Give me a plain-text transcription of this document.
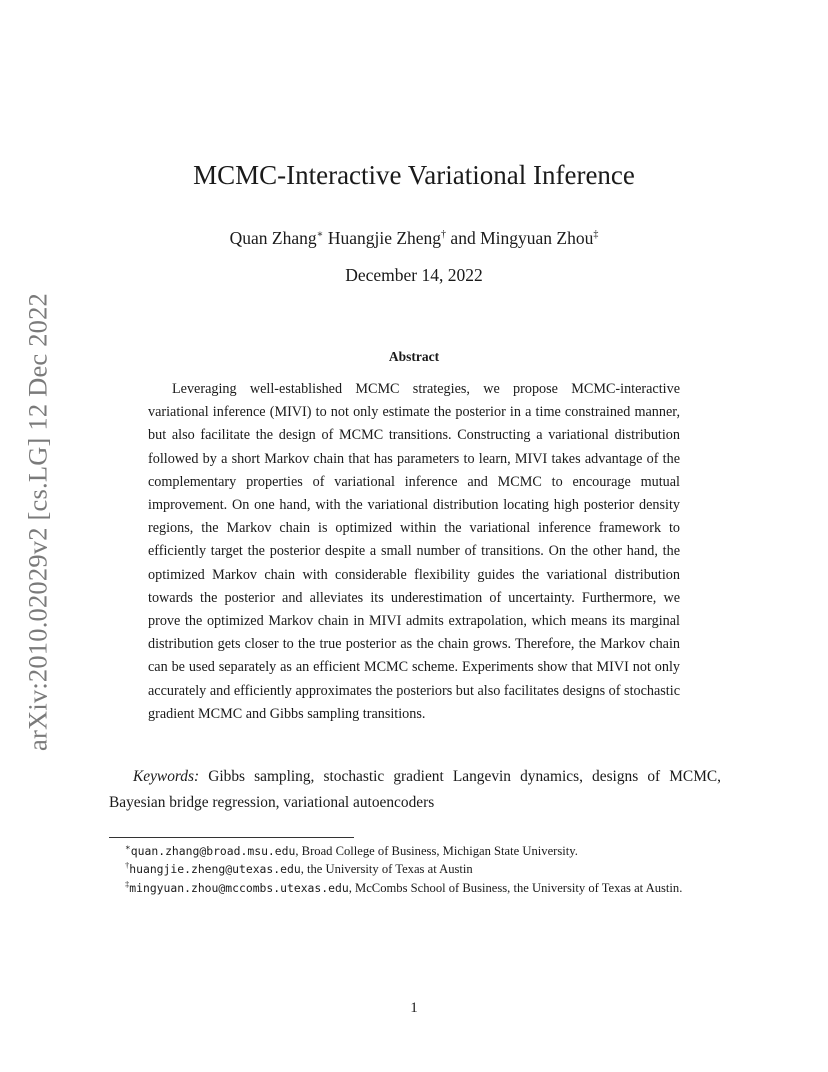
arXiv:2010.02029v2 [cs.LG] 12 Dec 2022
MCMC-Interactive Variational Inference
Quan Zhang∗ Huangjie Zheng† and Mingyuan Zhou‡
December 14, 2022
Abstract

Leveraging well-established MCMC strategies, we propose MCMC-interactive variational inference (MIVI) to not only estimate the posterior in a time constrained manner, but also facilitate the design of MCMC transitions. Constructing a variational distribution followed by a short Markov chain that has parameters to learn, MIVI takes advantage of the complementary properties of variational inference and MCMC to encourage mutual improvement. On one hand, with the variational distribution locating high posterior density regions, the Markov chain is optimized within the variational inference framework to efficiently target the posterior despite a small number of transitions. On the other hand, the optimized Markov chain with considerable flexibility guides the variational distribution towards the posterior and alleviates its underestimation of uncertainty. Furthermore, we prove the optimized Markov chain in MIVI admits extrapolation, which means its marginal distribution gets closer to the true posterior as the chain grows. Therefore, the Markov chain can be used separately as an efficient MCMC scheme. Experiments show that MIVI not only accurately and efficiently approximates the posteriors but also facilitates designs of stochastic gradient MCMC and Gibbs sampling transitions.

Keywords: Gibbs sampling, stochastic gradient Langevin dynamics, designs of MCMC, Bayesian bridge regression, variational autoencoders

∗quan.zhang@broad.msu.edu, Broad College of Business, Michigan State University.

†huangjie.zheng@utexas.edu, the University of Texas at Austin

‡mingyuan.zhou@mccombs.utexas.edu, McCombs School of Business, the University of Texas at Austin.

1
